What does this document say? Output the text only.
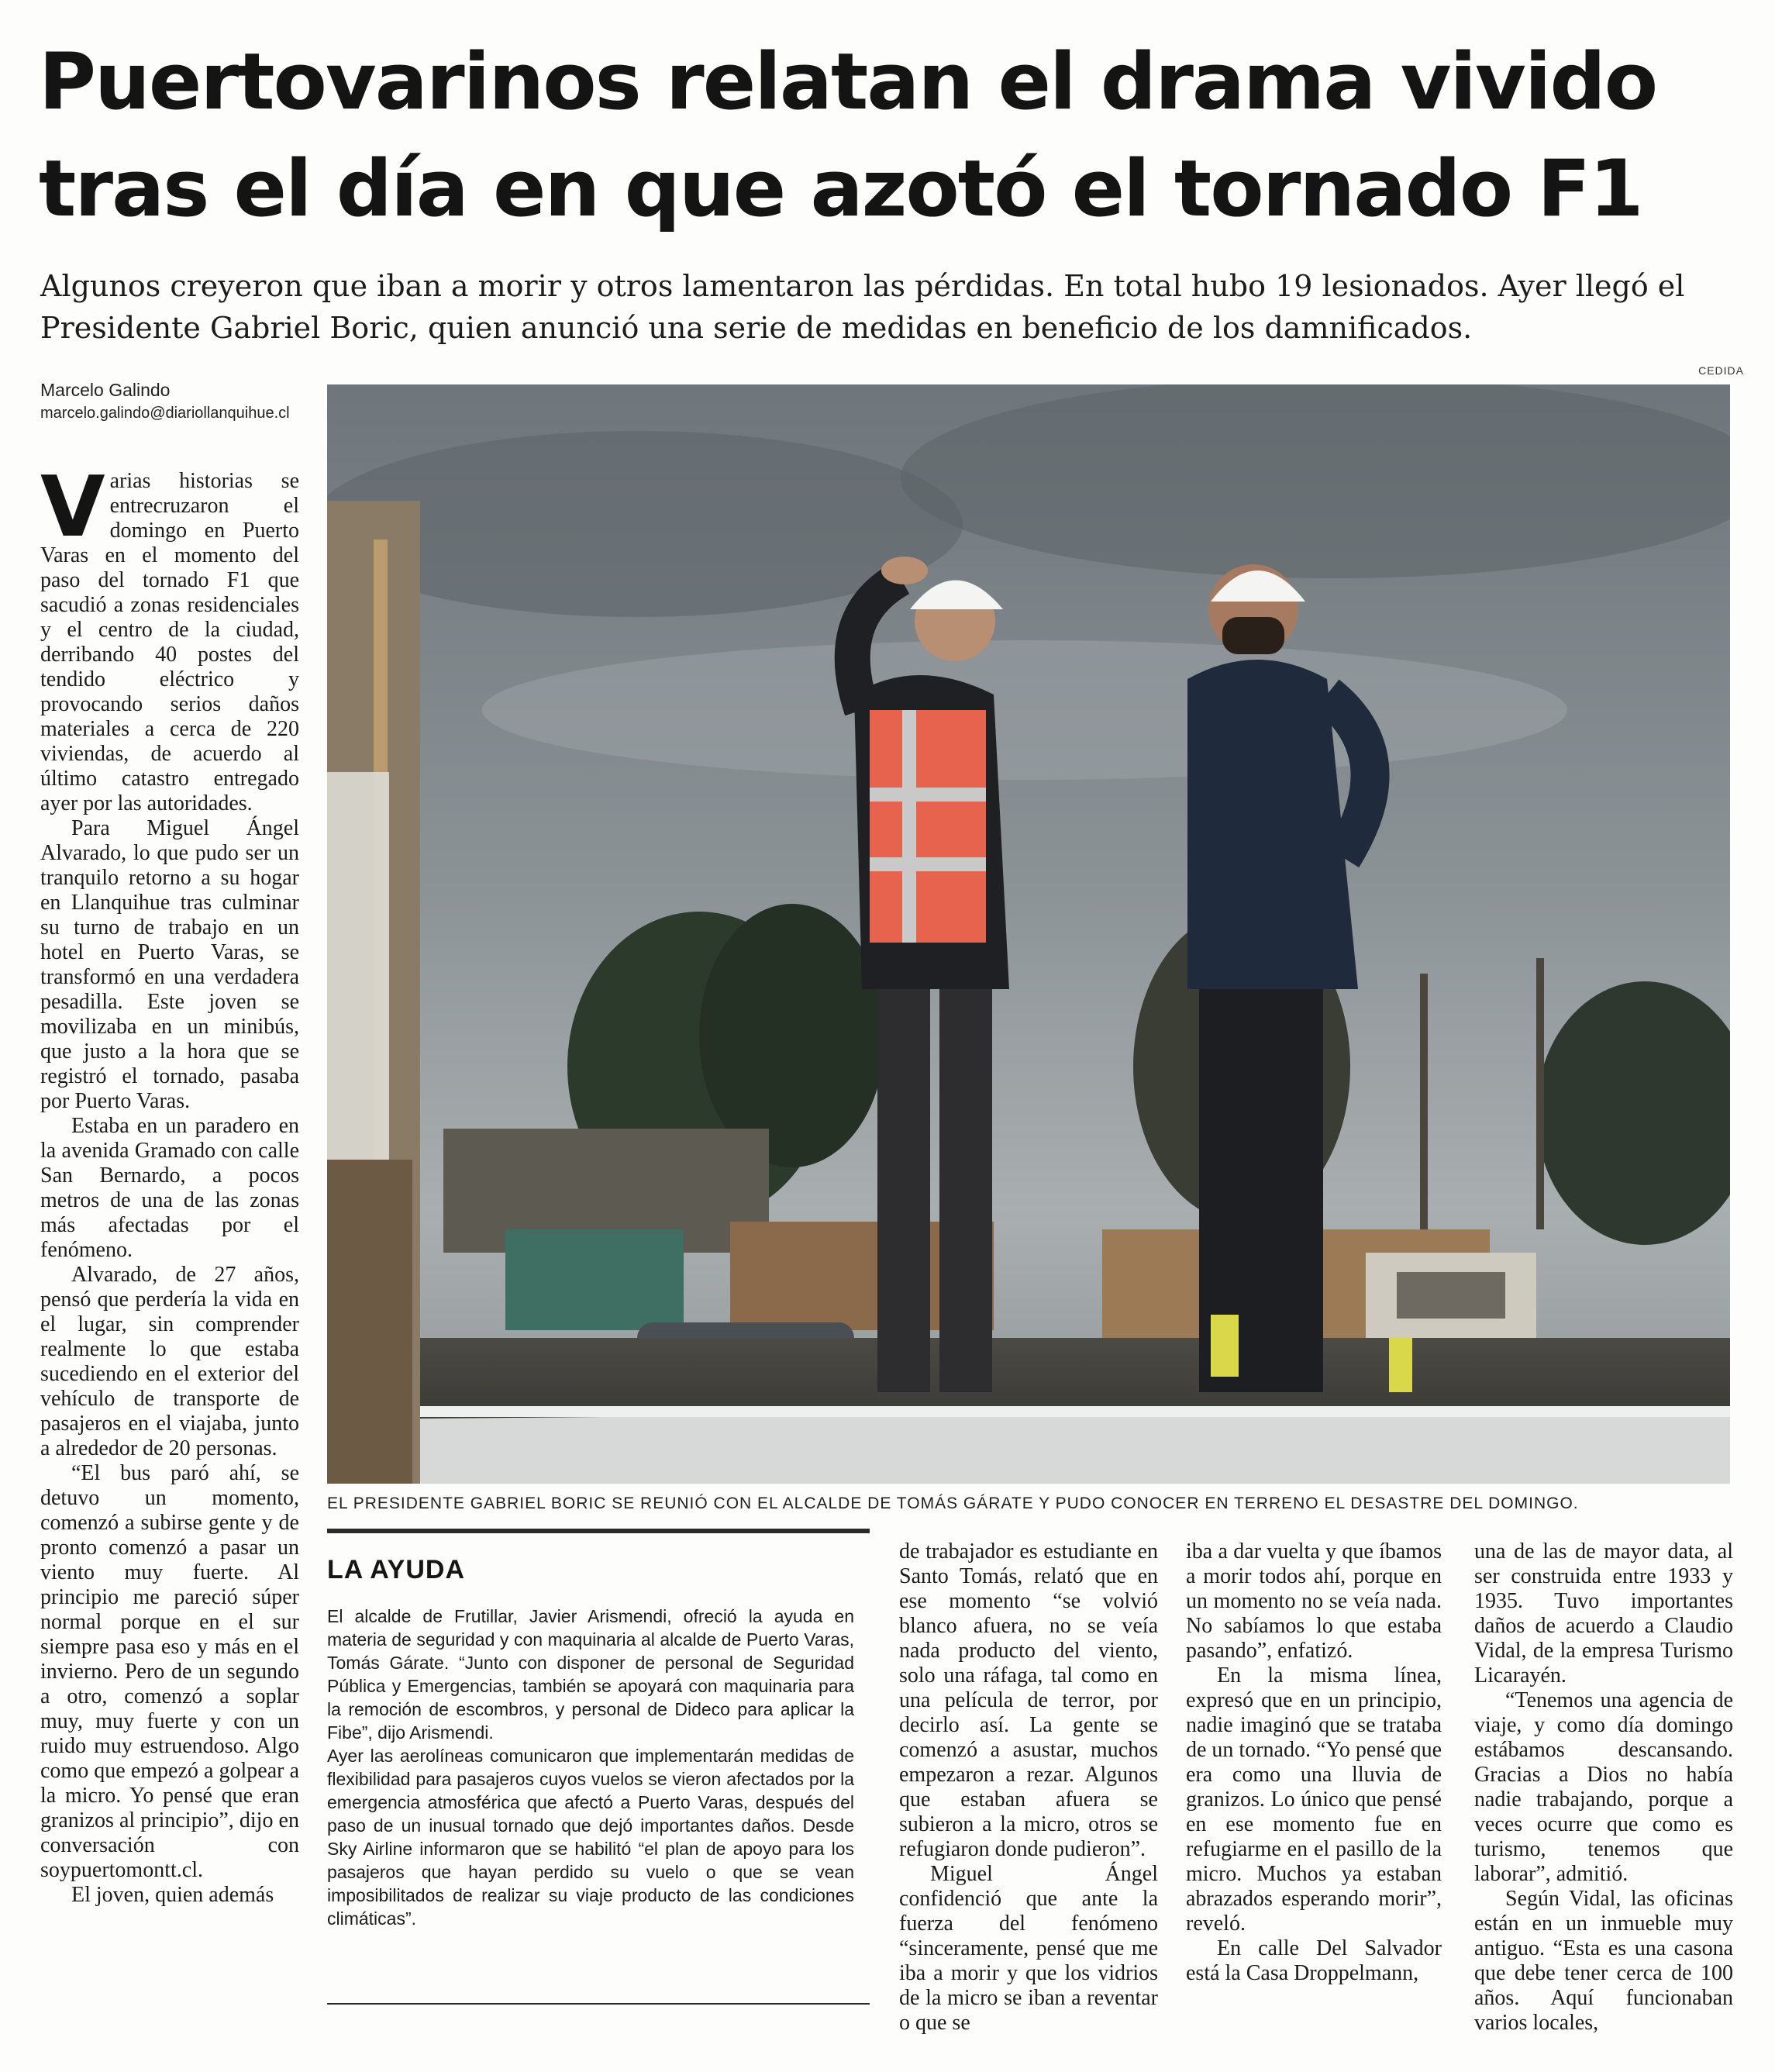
Puertovarinos relatan el drama vivido tras el día en que azotó el tornado F1

Algunos creyeron que iban a morir y otros lamentaron las pérdidas. En total hubo 19 lesionados. Ayer llegó el Presidente Gabriel Boric, quien anunció una serie de medidas en beneficio de los damnificados.

Marcelo Galindo
marcelo.galindo@diariollanquihue.cl
CEDIDA
EL PRESIDENTE GABRIEL BORIC SE REUNIÓ CON EL ALCALDE DE TOMÁS GÁRATE Y PUDO CONOCER EN TERRENO EL DESASTRE DEL DOMINGO.

Varias historias se entrecruzaron el domingo en Puerto Varas en el momento del paso del tornado F1 que sacudió a zonas residenciales y el centro de la ciudad, derribando 40 postes del tendido eléctrico y provocando serios daños materiales a cerca de 220 viviendas, de acuerdo al último catastro entregado ayer por las autoridades.

Para Miguel Ángel Alvarado, lo que pudo ser un tranquilo retorno a su hogar en Llanquihue tras culminar su turno de trabajo en un hotel en Puerto Varas, se transformó en una verdadera pesadilla. Este joven se movilizaba en un minibús, que justo a la hora que se registró el tornado, pasaba por Puerto Varas.

Estaba en un paradero en la avenida Gramado con calle San Bernardo, a pocos metros de una de las zonas más afectadas por el fenómeno.

Alvarado, de 27 años, pensó que perdería la vida en el lugar, sin comprender realmente lo que estaba sucediendo en el exterior del vehículo de transporte de pasajeros en el viajaba, junto a alrededor de 20 personas.

“El bus paró ahí, se detuvo un momento, comenzó a subirse gente y de pronto comenzó a pasar un viento muy fuerte. Al principio me pareció súper normal porque en el sur siempre pasa eso y más en el invierno. Pero de un segundo a otro, comenzó a soplar muy, muy fuerte y con un ruido muy estruendoso. Algo como que empezó a golpear a la micro. Yo pensé que eran granizos al principio”, dijo en conversación con soypuertomontt.cl.

El joven, quien además

LA AYUDA

El alcalde de Frutillar, Javier Arismendi, ofreció la ayuda en materia de seguridad y con maquinaria al alcalde de Puerto Varas, Tomás Gárate. “Junto con disponer de personal de Seguridad Pública y Emergencias, también se apoyará con maquinaria para la remoción de escombros, y personal de Dideco para aplicar la Fibe”, dijo Arismendi.

Ayer las aerolíneas comunicaron que implementarán medidas de flexibilidad para pasajeros cuyos vuelos se vieron afectados por la emergencia atmosférica que afectó a Puerto Varas, después del paso de un inusual tornado que dejó importantes daños. Desde Sky Airline informaron que se habilitó “el plan de apoyo para los pasajeros que hayan perdido su vuelo o que se vean imposibilitados de realizar su viaje producto de las condiciones climáticas”.

de trabajador es estudiante en Santo Tomás, relató que en ese momento “se volvió blanco afuera, no se veía nada producto del viento, solo una ráfaga, tal como en una película de terror, por decirlo así. La gente se comenzó a asustar, muchos empezaron a rezar. Algunos que estaban afuera se subieron a la micro, otros se refugiaron donde pudieron”.

Miguel Ángel confidenció que ante la fuerza del fenómeno “sinceramente, pensé que me iba a morir y que los vidrios de la micro se iban a reventar o que se

iba a dar vuelta y que íbamos a morir todos ahí, porque en un momento no se veía nada. No sabíamos lo que estaba pasando”, enfatizó.

En la misma línea, expresó que en un principio, nadie imaginó que se trataba de un tornado. “Yo pensé que era como una lluvia de granizos. Lo único que pensé en ese momento fue en refugiarme en el pasillo de la micro. Muchos ya estaban abrazados esperando morir”, reveló.

En calle Del Salvador está la Casa Droppelmann,

una de las de mayor data, al ser construida entre 1933 y 1935. Tuvo importantes daños de acuerdo a Claudio Vidal, de la empresa Turismo Licarayén.

“Tenemos una agencia de viaje, y como día domingo estábamos descansando. Gracias a Dios no había nadie trabajando, porque a veces ocurre que como es turismo, tenemos que laborar”, admitió.

Según Vidal, las oficinas están en un inmueble muy antiguo. “Esta es una casona que debe tener cerca de 100 años. Aquí funcionaban varios locales,
